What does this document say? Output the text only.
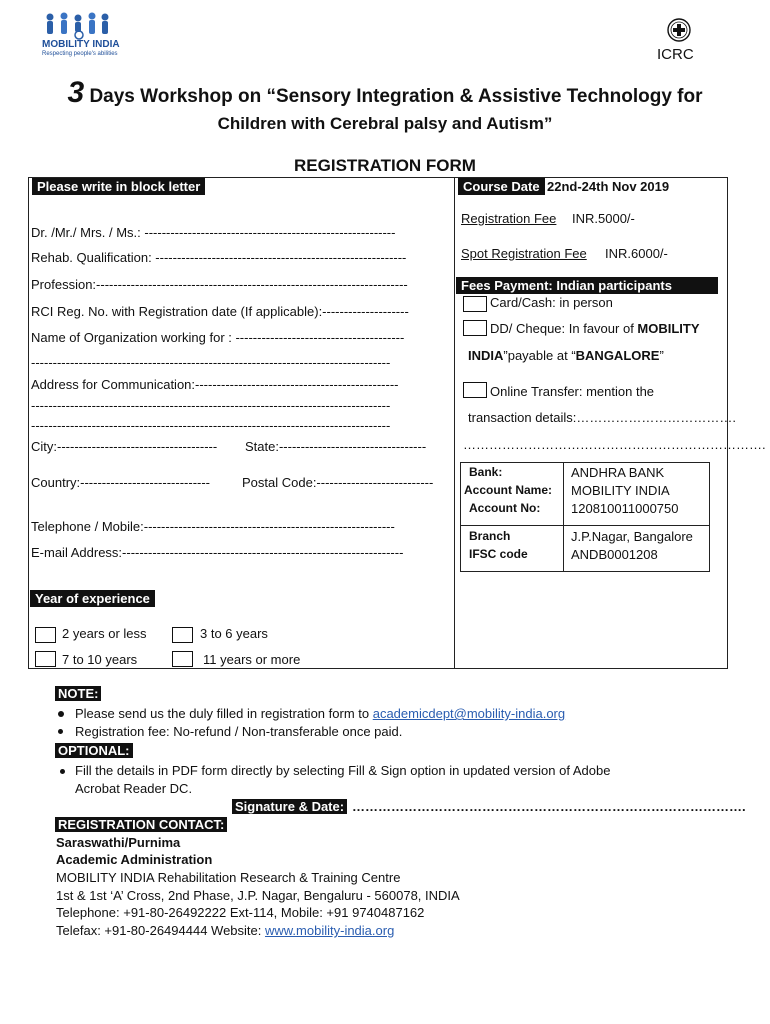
MOBILITY INDIA
Respecting people's abilities	ICRC
3 Days Workshop on “Sensory Integration & Assistive Technology for
Children with Cerebral palsy and Autism”
REGISTRATION FORM
Please write in block letter
Dr. /Mr./ Mrs. / Ms.: ----------------------------------------------------------
Rehab. Qualification: ----------------------------------------------------------
Profession:------------------------------------------------------------------------
RCI Reg. No. with Registration date (If applicable):--------------------
Name of Organization working for : ---------------------------------------
-----------------------------------------------------------------------------------
Address for Communication:-----------------------------------------------
-----------------------------------------------------------------------------------
-----------------------------------------------------------------------------------
City:------------------------------------- State:----------------------------------
Country:------------------------------ Postal Code:---------------------------
Telephone / Mobile:----------------------------------------------------------
E-mail Address:-----------------------------------------------------------------
Year of experience
2 years or less	3 to 6 years
7 to 10 years	11 years or more
Course Date 22nd-24th Nov 2019
Registration Fee INR.5000/-
Spot Registration Fee INR.6000/-
Fees Payment: Indian participants
Card/Cash: in person
DD/ Cheque: In favour of MOBILITY
INDIA”payable at “BANGALORE”
Online Transfer: mention the
transaction details:……………………………….
…………………………………………………………….
Bank:	ANDHRA BANK
Account Name: MOBILITY INDIA
Account No: 120810011000750
Branch	J.P.Nagar, Bangalore
IFSC code	ANDB0001208
NOTE:
Please send us the duly filled in registration form to academicdept@mobility-india.org
Registration fee: No-refund / Non-transferable once paid.
OPTIONAL:
Fill the details in PDF form directly by selecting Fill & Sign option in updated version of Adobe
Acrobat Reader DC.
Signature & Date: ……………………………………………………………………………….
REGISTRATION CONTACT:
Saraswathi/Purnima
Academic Administration
MOBILITY INDIA Rehabilitation Research & Training Centre
1st & 1st ‘A’ Cross, 2nd Phase, J.P. Nagar, Bengaluru - 560078, INDIA
Telephone: +91-80-26492222 Ext-114, Mobile: +91 9740487162
Telefax: +91-80-26494444 Website: www.mobility-india.org
